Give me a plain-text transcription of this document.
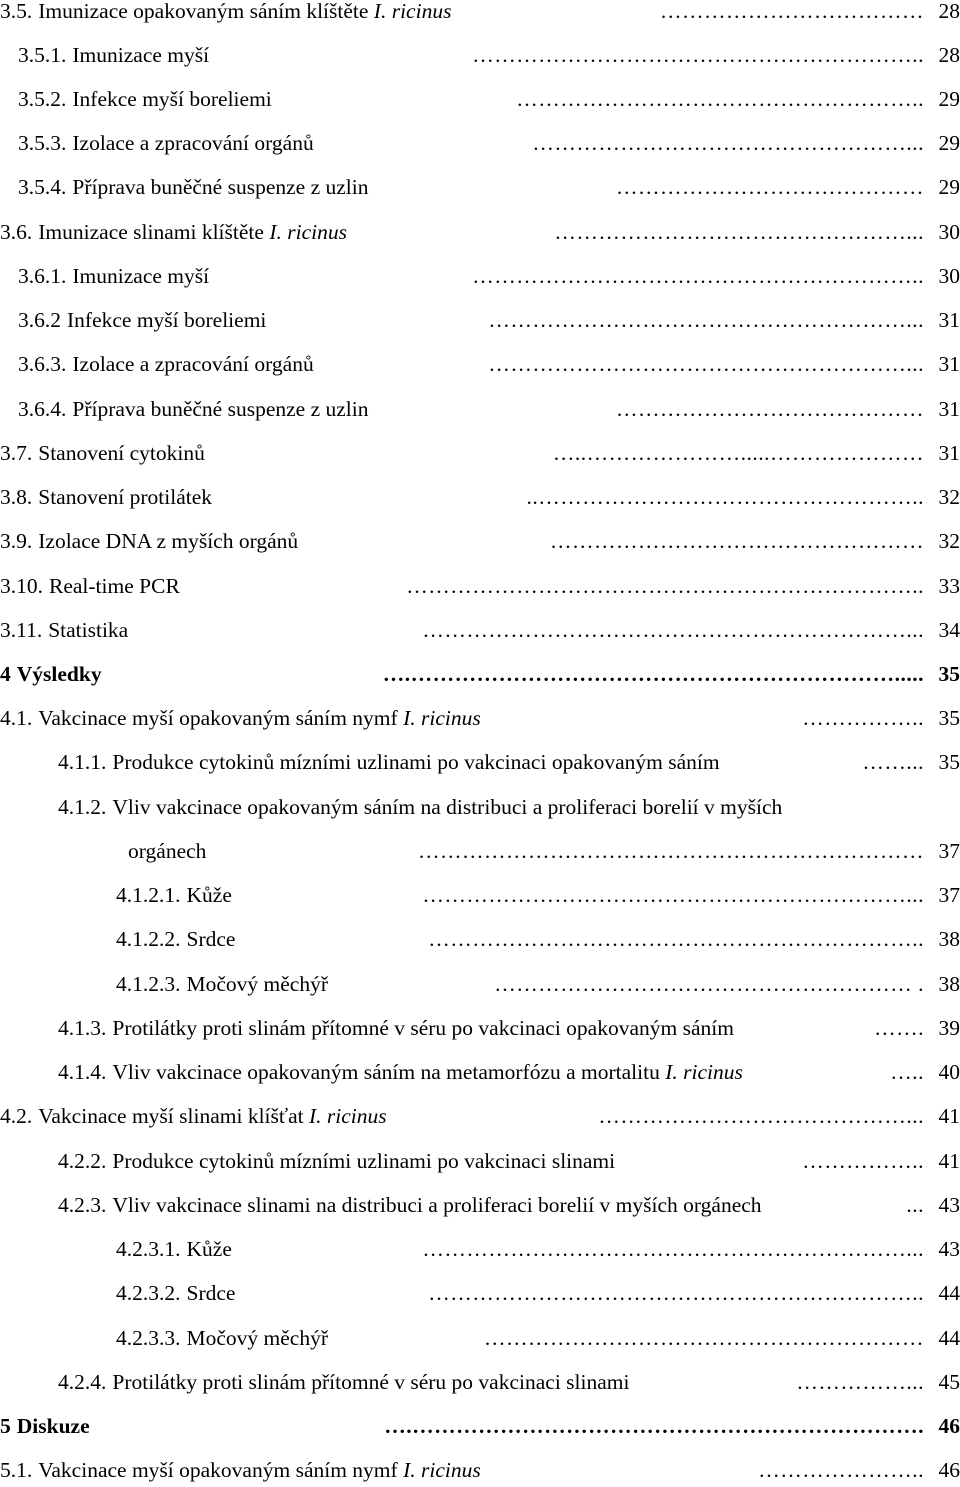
3.5. Imunizace opakovaným sáním klíštěte I. ricinus	28
………………………………
3.5.1. Imunizace myší	28
……………………………………………………..
3.5.2. Infekce myší boreliemi	29
………………………………………………..
3.5.3. Izolace a zpracování orgánů	29
……………………………………………...
3.5.4. Příprava buněčné suspenze z uzlin	29
……………………………………
3.6. Imunizace slinami klíštěte I. ricinus	30
…………………………………………...
3.6.1. Imunizace myší	30
……………………………………………………..
3.6.2 Infekce myší boreliemi	31
…………………………………………………...
3.6.3. Izolace a zpracování orgánů	31
…………………………………………………...
3.6.4. Příprava buněčné suspenze z uzlin	31
……………………………………
3.7. Stanovení cytokinů	31
…..………………….....…………………
3.8. Stanovení protilátek	32
..……………………………………………..
3.9. Izolace DNA z myších orgánů	32
……………………………………………
3.10. Real-time PCR	33
……………………………………………………………..
3.11. Statistika	34
…………………………………………………………...
4 Výsledky	35
….………………………………………………………….....
4.1. Vakcinace myší opakovaným sáním nymf I. ricinus	35
……………..
4.1.1. Produkce cytokinů mízními uzlinami po vakcinaci opakovaným sáním	35
……...
4.1.2. Vliv vakcinace opakovaným sáním na distribuci a proliferaci borelií v myších
orgánech	37
……………………………………………………………
4.1.2.1. Kůže	37
…………………………………………………………...
4.1.2.2. Srdce	38
…………………………………………………………..
4.1.2.3. Močový měchýř	38
………………………………………………… .
4.1.3. Protilátky proti slinám přítomné v séru po vakcinaci opakovaným sáním	39
…….
4.1.4. Vliv vakcinace opakovaným sáním na metamorfózu a mortalitu I. ricinus	40
…..
4.2. Vakcinace myší slinami klíšťat I. ricinus	41
……………………………………...
4.2.2. Produkce cytokinů mízními uzlinami po vakcinaci slinami	41
……………..
4.2.3. Vliv vakcinace slinami na distribuci a proliferaci borelií v myších orgánech	43
...
4.2.3.1. Kůže	43
…………………………………………………………...
4.2.3.2. Srdce	44
…………………………………………………………..
4.2.3.3. Močový měchýř	44
……………………………………………………
4.2.4. Protilátky proti slinám přítomné v séru po vakcinaci slinami	45
……………...
5 Diskuze	46
….…………………………………………………………….
5.1. Vakcinace myší opakovaným sáním nymf I. ricinus	46
…………………..
